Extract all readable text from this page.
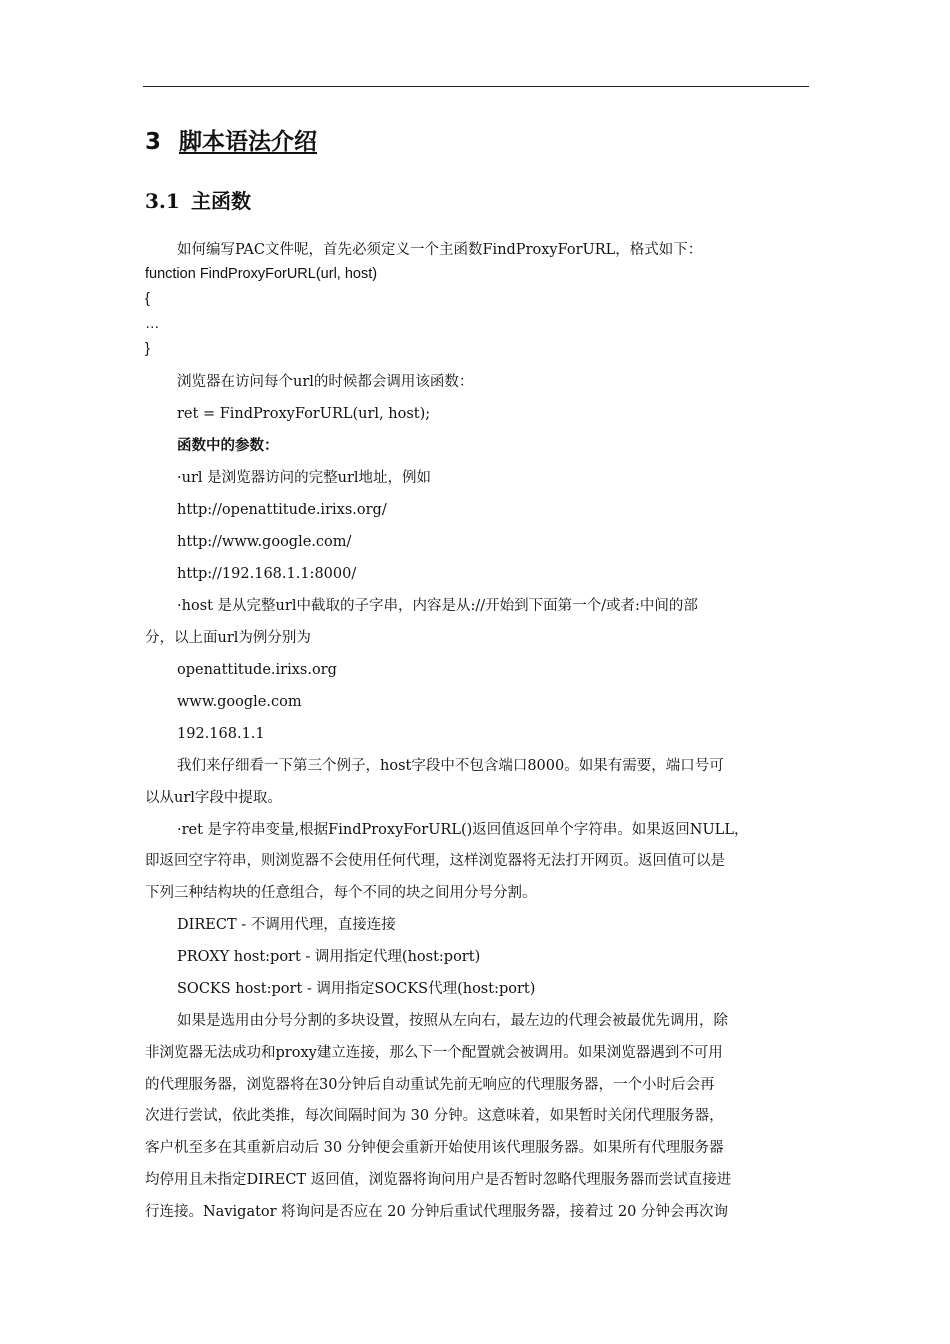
3 脚本语法介绍
3.1 主函数
如何编写PAC文件呢，首先必须定义一个主函数FindProxyForURL，格式如下：
function FindProxyForURL(url, host)
{
…
}
浏览器在访问每个url的时候都会调用该函数：
ret = FindProxyForURL(url, host);
函数中的参数：
·url 是浏览器访问的完整url地址，例如
http://openattitude.irixs.org/
http://www.google.com/
http://192.168.1.1:8000/
·host 是从完整url中截取的子字串，内容是从://开始到下面第一个/或者:中间的部
分，以上面url为例分别为
openattitude.irixs.org
www.google.com
192.168.1.1
我们来仔细看一下第三个例子，host字段中不包含端口8000。如果有需要，端口号可
以从url字段中提取。
·ret 是字符串变量,根据FindProxyForURL()返回值返回单个字符串。如果返回NULL，
即返回空字符串，则浏览器不会使用任何代理，这样浏览器将无法打开网页。返回值可以是
下列三种结构块的任意组合，每个不同的块之间用分号分割。
DIRECT - 不调用代理，直接连接
PROXY host:port - 调用指定代理(host:port)
SOCKS host:port - 调用指定SOCKS代理(host:port)
如果是选用由分号分割的多块设置，按照从左向右，最左边的代理会被最优先调用，除
非浏览器无法成功和proxy建立连接，那么下一个配置就会被调用。如果浏览器遇到不可用
的代理服务器，浏览器将在30分钟后自动重试先前无响应的代理服务器，一个小时后会再
次进行尝试，依此类推，每次间隔时间为 30 分钟。这意味着，如果暂时关闭代理服务器，
客户机至多在其重新启动后 30 分钟便会重新开始使用该代理服务器。如果所有代理服务器
均停用且未指定DIRECT 返回值，浏览器将询问用户是否暂时忽略代理服务器而尝试直接进
行连接。Navigator 将询问是否应在 20 分钟后重试代理服务器，接着过 20 分钟会再次询
